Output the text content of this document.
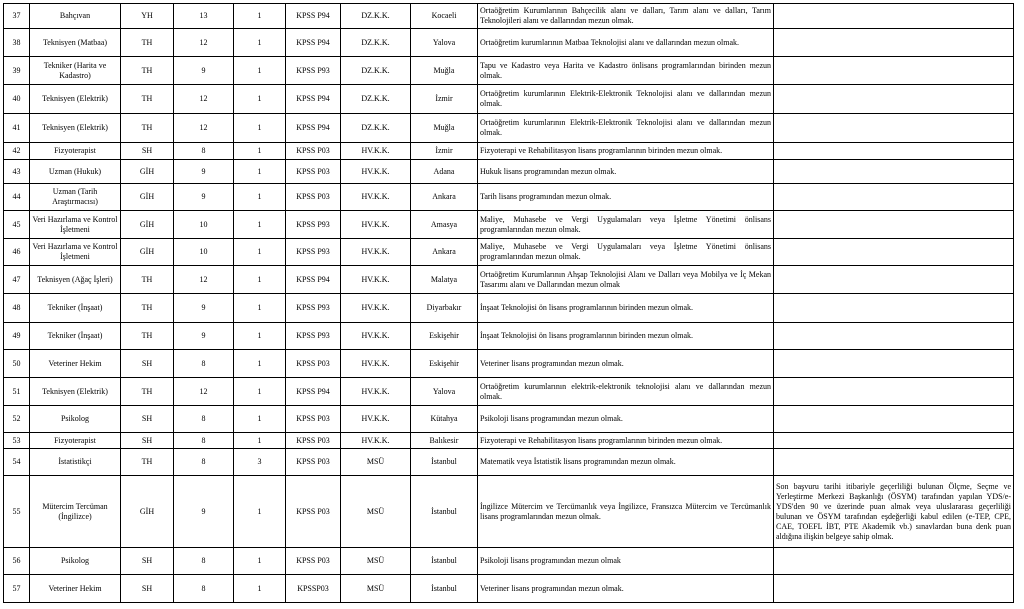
37	Bahçıvan	YH	13	1	KPSS P94	DZ.K.K.	Kocaeli	Ortaöğretim Kurumlarının Bahçecilik alanı ve dalları, Tarım alanı ve dalları, Tarım Teknolojileri alanı ve dallarından mezun olmak.	
38	Teknisyen (Matbaa)	TH	12	1	KPSS P94	DZ.K.K.	Yalova	Ortaöğretim kurumlarının Matbaa Teknolojisi alanı ve dallarından mezun olmak.	
39	Tekniker (Harita ve Kadastro)	TH	9	1	KPSS P93	DZ.K.K.	Muğla	Tapu ve Kadastro veya Harita ve Kadastro önlisans programlarından birinden mezun olmak.	
40	Teknisyen (Elektrik)	TH	12	1	KPSS P94	DZ.K.K.	İzmir	Ortaöğretim kurumlarının Elektrik-Elektronik Teknolojisi alanı ve dallarından mezun olmak.	
41	Teknisyen (Elektrik)	TH	12	1	KPSS P94	DZ.K.K.	Muğla	Ortaöğretim kurumlarının Elektrik-Elektronik Teknolojisi alanı ve dallarından mezun olmak.	
42	Fizyoterapist	SH	8	1	KPSS P03	HV.K.K.	İzmir	Fizyoterapi ve Rehabilitasyon lisans programlarının birinden mezun olmak.	
43	Uzman (Hukuk)	GİH	9	1	KPSS P03	HV.K.K.	Adana	Hukuk lisans programından mezun olmak.	
44	Uzman (Tarih Araştırmacısı)	GİH	9	1	KPSS P03	HV.K.K.	Ankara	Tarih lisans programından mezun olmak.	
45	Veri Hazırlama ve Kontrol İşletmeni	GİH	10	1	KPSS P93	HV.K.K.	Amasya	Maliye, Muhasebe ve Vergi Uygulamaları veya İşletme Yönetimi önlisans programlarından mezun olmak.	
46	Veri Hazırlama ve Kontrol İşletmeni	GİH	10	1	KPSS P93	HV.K.K.	Ankara	Maliye, Muhasebe ve Vergi Uygulamaları veya İşletme Yönetimi önlisans programlarından mezun olmak.	
47	Teknisyen (Ağaç İşleri)	TH	12	1	KPSS P94	HV.K.K.	Malatya	Ortaöğretim Kurumlarının Ahşap Teknolojisi Alanı ve Dalları veya Mobilya ve İç Mekan Tasarımı alanı ve Dallarından mezun olmak	
48	Tekniker (İnşaat)	TH	9	1	KPSS P93	HV.K.K.	Diyarbakır	İnşaat Teknolojisi ön lisans programlarının birinden mezun olmak.	
49	Tekniker (İnşaat)	TH	9	1	KPSS P93	HV.K.K.	Eskişehir	İnşaat Teknolojisi ön lisans programlarının birinden mezun olmak.	
50	Veteriner Hekim	SH	8	1	KPSS P03	HV.K.K.	Eskişehir	Veteriner lisans programından mezun olmak.	
51	Teknisyen (Elektrik)	TH	12	1	KPSS P94	HV.K.K.	Yalova	Ortaöğretim kurumlarının elektrik-elektronik teknolojisi alanı ve dallarından mezun olmak.	
52	Psikolog	SH	8	1	KPSS P03	HV.K.K.	Kütahya	Psikoloji lisans programından mezun olmak.	
53	Fizyoterapist	SH	8	1	KPSS P03	HV.K.K.	Balıkesir	Fizyoterapi ve Rehabilitasyon lisans programlarının birinden mezun olmak.	
54	İstatistikçi	TH	8	3	KPSS P03	MSÜ	İstanbul	Matematik veya İstatistik lisans programından mezun olmak.	
55	Mütercim Tercüman (İngilizce)	GİH	9	1	KPSS P03	MSÜ	İstanbul	İngilizce Mütercim ve Tercümanlık veya İngilizce, Fransızca Mütercim ve Tercümanlık lisans programlarından mezun olmak.	Son başvuru tarihi itibariyle geçerliliği bulunan Ölçme, Seçme ve Yerleştirme Merkezi Başkanlığı (ÖSYM) tarafından yapılan YDS/e-YDS'den 90 ve üzerinde puan almak veya uluslararası geçerliliği bulunan ve ÖSYM tarafından eşdeğerliği kabul edilen (e-TEP, CPE, CAE, TOEFL İBT, PTE Akademik vb.) sınavlardan buna denk puan aldığına ilişkin belgeye sahip olmak.
56	Psikolog	SH	8	1	KPSS P03	MSÜ	İstanbul	Psikoloji lisans programından mezun olmak	
57	Veteriner Hekim	SH	8	1	KPSSP03	MSÜ	İstanbul	Veteriner lisans programından mezun olmak.	
